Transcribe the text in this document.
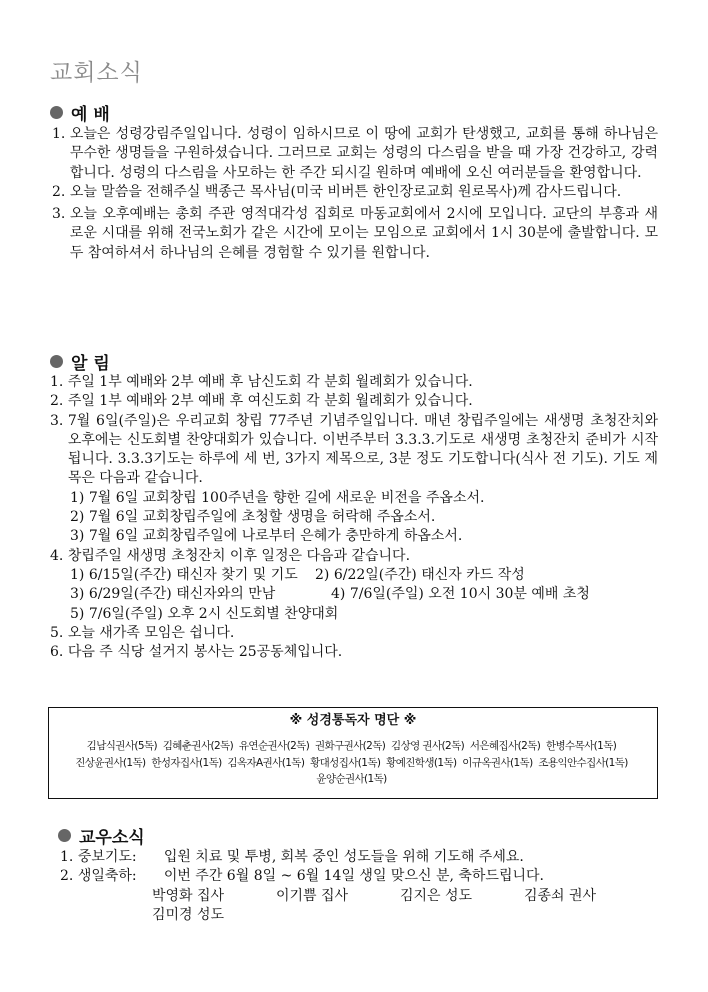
교회소식
예 배
1. 오늘은 성령강림주일입니다. 성령이 임하시므로 이 땅에 교회가 탄생했고, 교회를 통해 하나님은 무수한 생명들을 구원하셨습니다. 그러므로 교회는 성령의 다스림을 받을 때 가장 건강하고, 강력합니다. 성령의 다스림을 사모하는 한 주간 되시길 원하며 예배에 오신 여러분들을 환영합니다.
2. 오늘 말씀을 전해주실 백종근 목사님(미국 비버튼 한인장로교회 원로목사)께 감사드립니다.
3. 오늘 오후예배는 총회 주관 영적대각성 집회로 마동교회에서 2시에 모입니다. 교단의 부흥과 새로운 시대를 위해 전국노회가 같은 시간에 모이는 모임으로 교회에서 1시 30분에 출발합니다. 모두 참여하셔서 하나님의 은혜를 경험할 수 있기를 원합니다.
알 림
1. 주일 1부 예배와 2부 예배 후 남신도회 각 분회 월례회가 있습니다.
2. 주일 1부 예배와 2부 예배 후 여신도회 각 분회 월례회가 있습니다.
3. 7월 6일(주일)은 우리교회 창립 77주년 기념주일입니다. 매년 창립주일에는 새생명 초청잔치와 오후에는 신도회별 찬양대회가 있습니다. 이번주부터 3.3.3.기도로 새생명 초청잔치 준비가 시작됩니다. 3.3.3기도는 하루에 세 번, 3가지 제목으로, 3분 정도 기도합니다(식사 전 기도). 기도 제목은 다음과 같습니다.
1) 7월 6일 교회창립 100주년을 향한 길에 새로운 비전을 주옵소서.
2) 7월 6일 교회창립주일에 초청할 생명을 허락해 주옵소서.
3) 7월 6일 교회창립주일에 나로부터 은혜가 충만하게 하옵소서.
4. 창립주일 새생명 초청잔치 이후 일정은 다음과 같습니다.
1) 6/15일(주간) 태신자 찾기 및 기도	2) 6/22일(주간) 태신자 카드 작성
3) 6/29일(주간) 태신자와의 만남	4) 7/6일(주일) 오전 10시 30분 예배 초청
5) 7/6일(주일) 오후 2시 신도회별 찬양대회
5. 오늘 새가족 모임은 쉽니다.
6. 다음 주 식당 설거지 봉사는 25공동체입니다.
※ 성경통독자 명단 ※
김남식권사(5독) 김혜춘권사(2독) 유연순권사(2독) 권화구권사(2독) 김상영 권사(2독) 서은혜집사(2독) 한병수목사(1독)
진상윤권사(1독) 한성자집사(1독) 김옥자A권사(1독) 황대성집사(1독) 황예진학생(1독) 이규옥권사(1독) 조용익안수집사(1독)
윤양순권사(1독)
교우소식
1. 중보기도:	입원 치료 및 투병, 회복 중인 성도들을 위해 기도해 주세요.
2. 생일축하:	이번 주간 6월 8일 ~ 6월 14일 생일 맞으신 분, 축하드립니다.
박영화 집사	이기쁨 집사	김지은 성도	김종쇠 권사
김미경 성도
